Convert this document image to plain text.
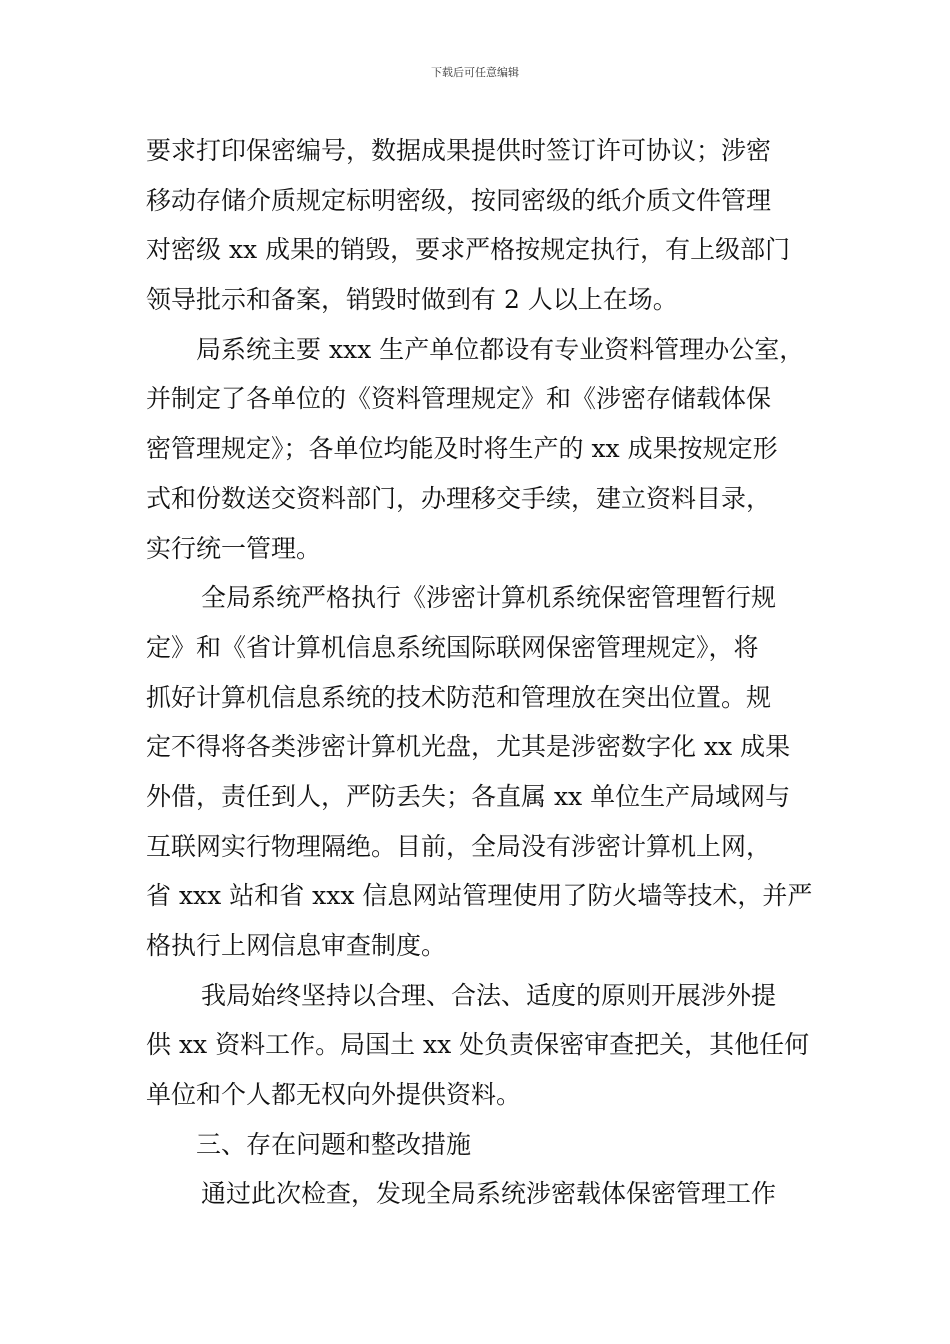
下载后可任意编辑
要求打印保密编号，数据成果提供时签订许可协议；涉密
移动存储介质规定标明密级，按同密级的纸介质文件管理
对密级 xx 成果的销毁，要求严格按规定执行，有上级部门
领导批示和备案，销毁时做到有 2 人以上在场。
局系统主要 xxx 生产单位都设有专业资料管理办公室，
并制定了各单位的《资料管理规定》和《涉密存储载体保
密管理规定》；各单位均能及时将生产的 xx 成果按规定形
式和份数送交资料部门，办理移交手续，建立资料目录，
实行统一管理。
全局系统严格执行《涉密计算机系统保密管理暂行规
定》和《省计算机信息系统国际联网保密管理规定》，将
抓好计算机信息系统的技术防范和管理放在突出位置。规
定不得将各类涉密计算机光盘，尤其是涉密数字化 xx 成果
外借，责任到人，严防丢失；各直属 xx 单位生产局域网与
互联网实行物理隔绝。目前，全局没有涉密计算机上网，
省 xxx 站和省 xxx 信息网站管理使用了防火墙等技术，并严
格执行上网信息审查制度。
我局始终坚持以合理、合法、适度的原则开展涉外提
供 xx 资料工作。局国土 xx 处负责保密审查把关，其他任何
单位和个人都无权向外提供资料。
三、存在问题和整改措施
通过此次检查，发现全局系统涉密载体保密管理工作
